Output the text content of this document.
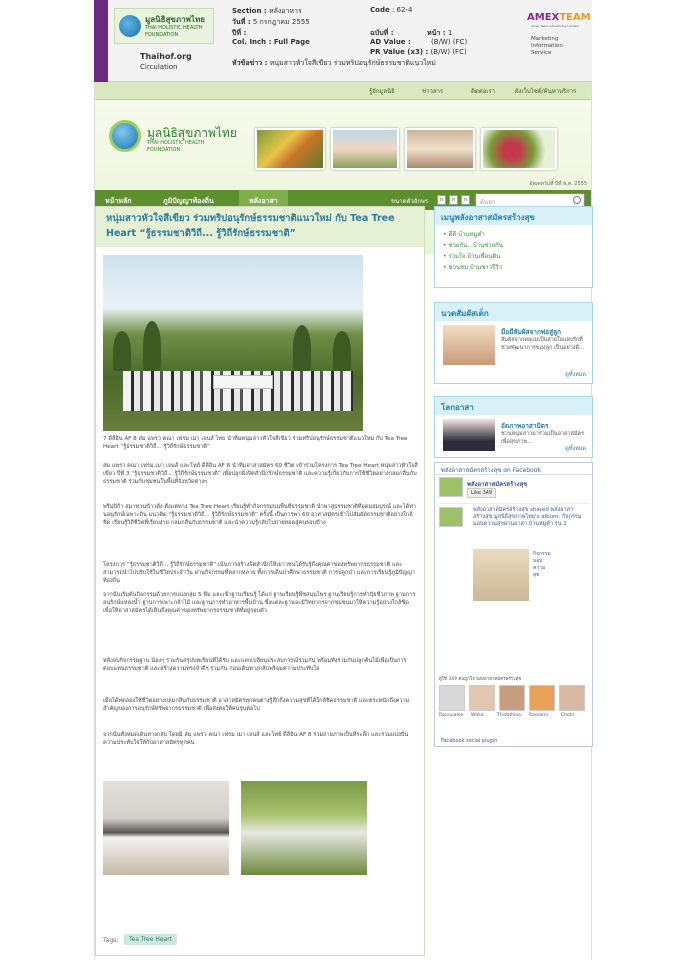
มูลนิธิสุขภาพไทย
THAI HOLISTIC HEALTH FOUNDATION
Thaihof.org
Circulation
Section : หลังอาหาร
วันที่ : 5 กรกฎาคม 2555
ปีที่ :
Col. Inch : Full Page
Code : 62-4
ฉบับที่ :	หน้า : 1
AD Value :	(B/W) (FC)
PR Value (x3) : (B/W) (FC)
หัวข้อข่าว : หนุ่มสาวหัวใจสีเขียว ร่วมทริปอนุรักษ์ธรรมชาติแนวใหม่
AMEXTEAM
Amex Team Advertising Limited
Marketing
Information
Service
รู้จักมูลนิธิ	ข่าวสาร	ติดต่อเรา	ผังเว็บไซต์/ค้นหาบริการ
มูลนิธิสุขภาพไทย
THAI HOLISTIC HEALTH
FOUNDATION
อัพเดทวันที่ ปีที่ พ.ศ. 2555
หน้าหลัก	ภูมิปัญญาท้องถิ่น	พลังอาสา	ขนาดตัวอักษร	ก	ก	ก	ค้นหา
หนุ่มสาวหัวใจสีเขียว ร่วมทริปอนุรักษ์ธรรมชาติแนวใหม่ กับ Tea Tree Heart “รู้ธรรมชาติวิถี... รู้วิถีรักษ์ธรรมชาติ”
7 ดีลีอิน AF 8 ส่ม แพรว คณา เฟรม เมา เจนส์ ไทย นำทีมหนุ่มสาวหัวใจสีเขียว ร่วมทริปอนุรักษ์ธรรมชาติแนวใหม่ กับ Tea Tree Heart “รู้ธรรมชาติวิถี... รู้วิถีรักษ์ธรรมชาติ”
ส่ม แพรว คณา เฟรม เมา เจนส์ และโทย์ ดีลีอิน AF 8 นำทีมอาสาสมัคร 60 ชีวิต เข้าร่วมโครงการ Tea Tree Heart หนุ่มสาวหัวใจสีเขียว ปีที่ 3 “รู้ธรรมชาติวิถี... รู้วิถีรักษ์ธรรมชาติ” เพื่อปลูกฝังจิตสำนึกรักษ์ธรรมชาติ และความรู้เกี่ยวกับการใช้ชีวิตอย่างกลมกลืนกับธรรมชาติ ร่วมกับชุมชนในพื้นที่จังหวัดต่างๆ
พรีมปิก้า สมาทานข้าวตั้ง ตั้งแต่ทาง Tea Tree Heart เรียนรู้ทำกิจกรรมบนพื้นที่ธรรมชาติ นำพาสู่ธรรมชาติที่อุดมสมบูรณ์ และได้ท่านอนุรักษ์เฉพาะถิ่น แนวคิด “รู้ธรรมชาติวิถี... รู้วิถีรักษ์ธรรมชาติ” ครั้งนี้ เป็นการพา 60 อาสาสมัครเข้าไปสัมผัสธรรมชาติอย่างใกล้ชิด เรียนรู้วิถีชีวิตที่เรียบง่าย กลมกลืนกับธรรมชาติ และนำความรู้กลับไปถ่ายทอดสู่คนรอบข้าง
โครงการ “รู้ธรรมชาติวิถี... รู้วิถีรักษ์ธรรมชาติ” เน้นการสร้างจิตสำนึกให้เยาวชนได้รับรู้ถึงคุณค่าของทรัพยากรธรรมชาติ และสามารถนำไปปรับใช้ในชีวิตประจำวัน ผ่านกิจกรรมที่หลากหลาย ทั้งการเดินป่าศึกษาธรรมชาติ การปลูกป่า และการเรียนรู้ภูมิปัญญาท้องถิ่น
จากนั้นเริ่มต้นกิจกรรมด้วยการแบ่งกลุ่ม 5 ทีม และเข้าฐานเรียนรู้ ได้แก่ ฐานเรียนรู้พืชสมุนไพร ฐานเรียนรู้การทำปุ๋ยชีวภาพ ฐานการอนุรักษ์แหล่งน้ำ ฐานการเพาะกล้าไม้ และฐานการทำอาหารพื้นบ้าน ซึ่งแต่ละฐานจะมีวิทยากรจากชุมชนมาให้ความรู้อย่างใกล้ชิด เพื่อให้อาสาสมัครได้เห็นถึงคุณค่าของทรัพยากรธรรมชาติที่อยู่รอบตัว
หลังจบกิจกรรมฐาน น้องๆ ร่วมกันสรุปบทเรียนที่ได้รับ และแลกเปลี่ยนประสบการณ์ร่วมกัน พร้อมทั้งร่วมกันปลูกต้นไม้เพื่อเป็นการตอบแทนธรรมชาติ และสร้างความทรงจำดีๆ ร่วมกัน ก่อนเดินทางกลับพร้อมความประทับใจ
เมื่อได้ทดลองใช้ชีวิตอย่างกลมกลืนกับธรรมชาติ อาสาสมัครทุกคนต่างรู้สึกถึงความสุขที่ได้ใกล้ชิดธรรมชาติ และตระหนักถึงความสำคัญของการอนุรักษ์ทรัพยากรธรรมชาติ เพื่อส่งต่อให้คนรุ่นต่อไป
จากนั้นทั้งหมดเดินทางกลับ โดยมี ส่ม แพรว คณา เฟรม เมา เจนส์ และโทย์ ดีลีอิน AF 8 ร่วมถ่ายภาพเป็นที่ระลึก และร่วมแบ่งปันความประทับใจให้กับอาสาสมัครทุกคน
Tags:	Tea Tree Heart
เมนูพลังอาสาสมัครสร้างสุข
• ดีดี บ้านหมูคำ
• ช่วยกัน...บ้านช่วยกัน
• รวมใจ บ้านเพื่อนดิน
• ชวนชม บ้านชาวรีวิว
นวดสัมผัสเด็ก
มือมีสัมผัสจากพ่อสู่ลูก
สัมผัสจากพ่อแม่เป็นสายใยแห่งรักที่ช่วยพัฒนาการของลูก เป็นอย่างดี...
ดูทั้งหมด
โลกอาสา
อัตภาพอาสามิตร
ชวนหนุ่มสาวมาร่วมเป็นอาสาสมัคร เพื่อสุขภาพ...
ดูทั้งหมด
พลังอาสาสมัครสร้างสุข on Facebook
พลังอาสาสมัครสร้างสุข
Like 349
พลังอาสาสมัครสร้างสุข shared พลังอาสา สร้างสุข มูลนิธิสุขภาพไทย's album: กิจกรรมมอบความสุขผ่านอาสา บ้านหมูคำ รุ่น 1
กิจกรรมมอบความสุข
ผู้ใช้ 349 คนถูกใจ พลังอาสาสมัครสร้างสุข
Donnualee Witsa	Thidathina Rassami	Chotri
Facebook social plugin
